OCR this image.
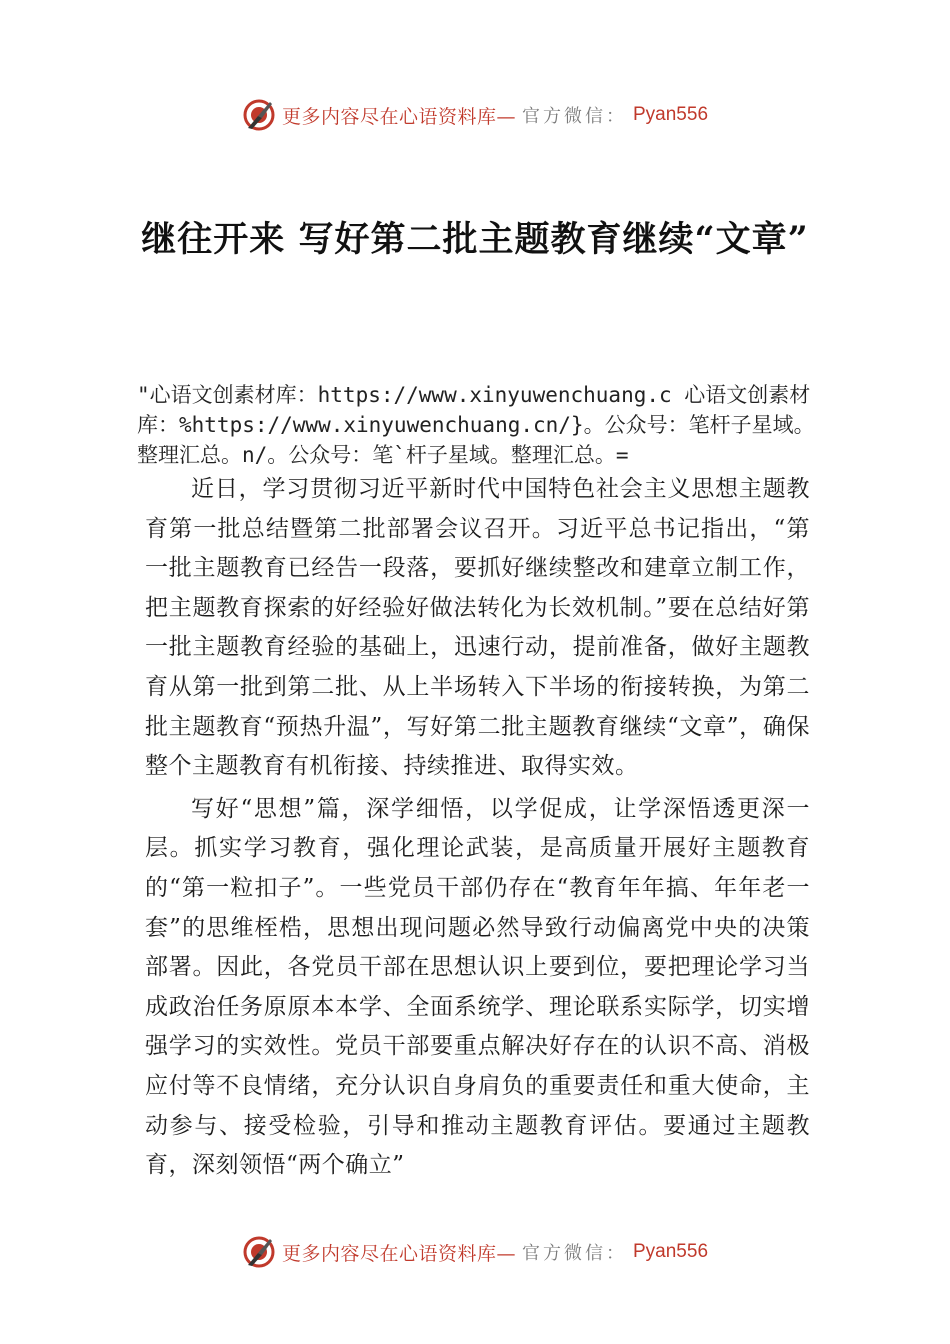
更多内容尽在心语资料库— 官方微信： Pyan556
继往开来 写好第二批主题教育继续“文章”
"心语文创素材库：https://www.xinyuwenchuang.c 心语文创素材库：%https://www.xinyuwenchuang.cn/}。公众号：笔杆子星域。整理汇总。n/。公众号：笔`杆子星域。整理汇总。=

近日，学习贯彻习近平新时代中国特色社会主义思想主题教育第一批总结暨第二批部署会议召开。习近平总书记指出，“第一批主题教育已经告一段落，要抓好继续整改和建章立制工作，把主题教育探索的好经验好做法转化为长效机制。”要在总结好第一批主题教育经验的基础上，迅速行动，提前准备，做好主题教育从第一批到第二批、从上半场转入下半场的衔接转换，为第二批主题教育“预热升温”，写好第二批主题教育继续“文章”，确保整个主题教育有机衔接、持续推进、取得实效。

写好“思想”篇，深学细悟，以学促成，让学深悟透更深一层。抓实学习教育，强化理论武装，是高质量开展好主题教育的“第一粒扣子”。一些党员干部仍存在“教育年年搞、年年老一套”的思维桎梏，思想出现问题必然导致行动偏离党中央的决策部署。因此，各党员干部在思想认识上要到位，要把理论学习当成政治任务原原本本学、全面系统学、理论联系实际学，切实增强学习的实效性。党员干部要重点解决好存在的认识不高、消极应付等不良情绪，充分认识自身肩负的重要责任和重大使命，主动参与、接受检验，引导和推动主题教育评估。要通过主题教育，深刻领悟“两个确立”

更多内容尽在心语资料库— 官方微信： Pyan556
